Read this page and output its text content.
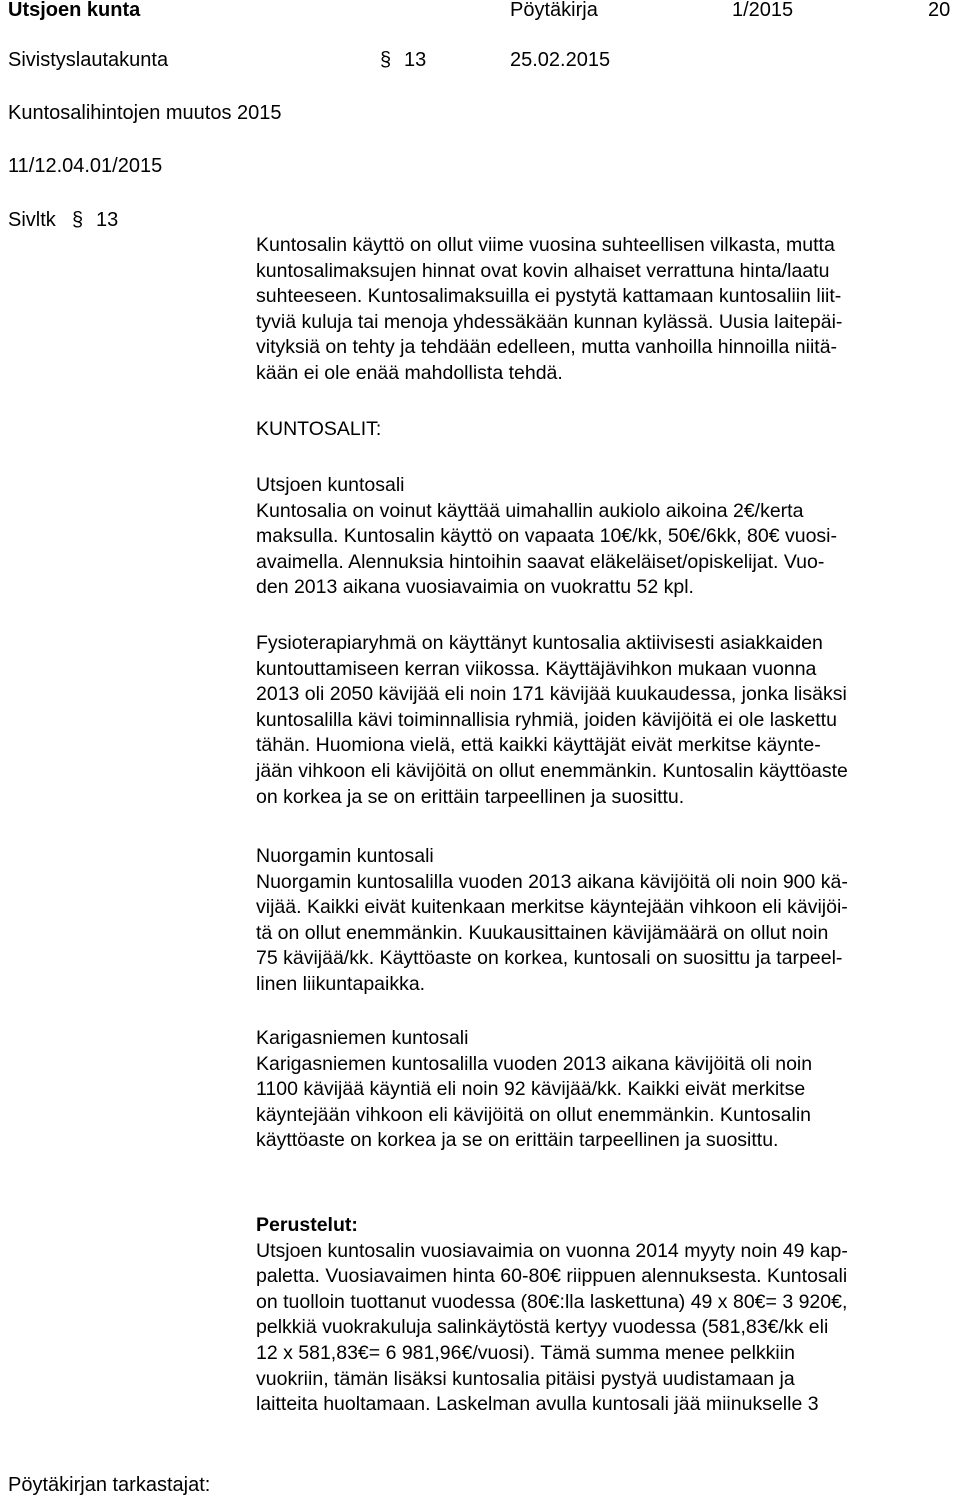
Utsjoen kunta	Pöytäkirja	1/2015	20
Sivistyslautakunta	§ 13	25.02.2015
Kuntosalihintojen muutos 2015
11/12.04.01/2015
Sivltk § 13
Kuntosalin käyttö on ollut viime vuosina suhteellisen vilkasta, mutta
kuntosalimaksujen hinnat ovat kovin alhaiset verrattuna hinta/laatu
suhteeseen. Kuntosalimaksuilla ei pystytä kattamaan kuntosaliin liit-
tyviä kuluja tai menoja yhdessäkään kunnan kylässä. Uusia laitepäi-
vityksiä on tehty ja tehdään edelleen, mutta vanhoilla hinnoilla niitä-
kään ei ole enää mahdollista tehdä.
KUNTOSALIT:
Utsjoen kuntosali
Kuntosalia on voinut käyttää uimahallin aukiolo aikoina 2€/kerta
maksulla. Kuntosalin käyttö on vapaata 10€/kk, 50€/6kk, 80€ vuosi-
avaimella. Alennuksia hintoihin saavat eläkeläiset/opiskelijat. Vuo-
den 2013 aikana vuosiavaimia on vuokrattu 52 kpl.
Fysioterapiaryhmä on käyttänyt kuntosalia aktiivisesti asiakkaiden
kuntouttamiseen kerran viikossa. Käyttäjävihkon mukaan vuonna
2013 oli 2050 kävijää eli noin 171 kävijää kuukaudessa, jonka lisäksi
kuntosalilla kävi toiminnallisia ryhmiä, joiden kävijöitä ei ole laskettu
tähän. Huomiona vielä, että kaikki käyttäjät eivät merkitse käynte-
jään vihkoon eli kävijöitä on ollut enemmänkin. Kuntosalin käyttöaste
on korkea ja se on erittäin tarpeellinen ja suosittu.
Nuorgamin kuntosali
Nuorgamin kuntosalilla vuoden 2013 aikana kävijöitä oli noin 900 kä-
vijää. Kaikki eivät kuitenkaan merkitse käyntejään vihkoon eli kävijöi-
tä on ollut enemmänkin. Kuukausittainen kävijämäärä on ollut noin
75 kävijää/kk. Käyttöaste on korkea, kuntosali on suosittu ja tarpeel-
linen liikuntapaikka.
Karigasniemen kuntosali
Karigasniemen kuntosalilla vuoden 2013 aikana kävijöitä oli noin
1100 kävijää käyntiä eli noin 92 kävijää/kk. Kaikki eivät merkitse
käyntejään vihkoon eli kävijöitä on ollut enemmänkin. Kuntosalin
käyttöaste on korkea ja se on erittäin tarpeellinen ja suosittu.
Perustelut:
Utsjoen kuntosalin vuosiavaimia on vuonna 2014 myyty noin 49 kap-
paletta. Vuosiavaimen hinta 60-80€ riippuen alennuksesta. Kuntosali
on tuolloin tuottanut vuodessa (80€:lla laskettuna) 49 x 80€= 3 920€,
pelkkiä vuokrakuluja salinkäytöstä kertyy vuodessa (581,83€/kk eli
12 x 581,83€= 6 981,96€/vuosi). Tämä summa menee pelkkiin
vuokriin, tämän lisäksi kuntosalia pitäisi pystyä uudistamaan ja
laitteita huoltamaan. Laskelman avulla kuntosali jää miinukselle 3
Pöytäkirjan tarkastajat:
